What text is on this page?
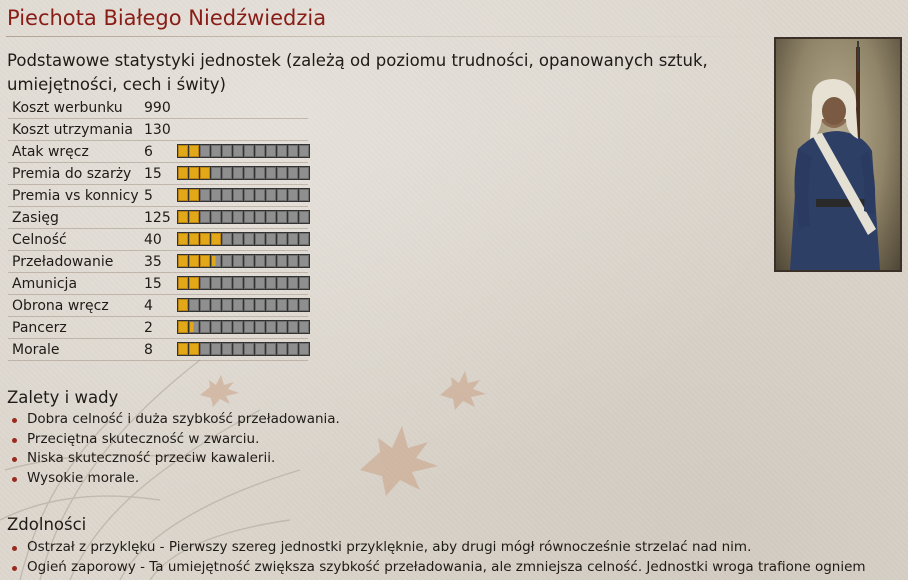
Piechota Białego Niedźwiedzia
Podstawowe statystyki jednostek (zależą od poziomu trudności, opanowanych sztuk, umiejętności, cech i świty)
Koszt werbunku 990
Koszt utrzymania 130
Atak wręcz	6
Premia do szarży 15
Premia vs konnicy 5
Zasięg	125
Celność	40
Przeładowanie 35
Amunicja	15
Obrona wręcz	4
Pancerz	2
Morale	8
Zalety i wady
Dobra celność i duża szybkość przeładowania.
Przeciętna skuteczność w zwarciu.
Niska skuteczność przeciw kawalerii.
Wysokie morale.
Zdolności
Ostrzał z przyklęku - Pierwszy szereg jednostki przyklęknie, aby drugi mógł równocześnie strzelać nad nim.
Ogień zaporowy - Ta umiejętność zwiększa szybkość przeładowania, ale zmniejsza celność. Jednostki wroga trafione ogniem
